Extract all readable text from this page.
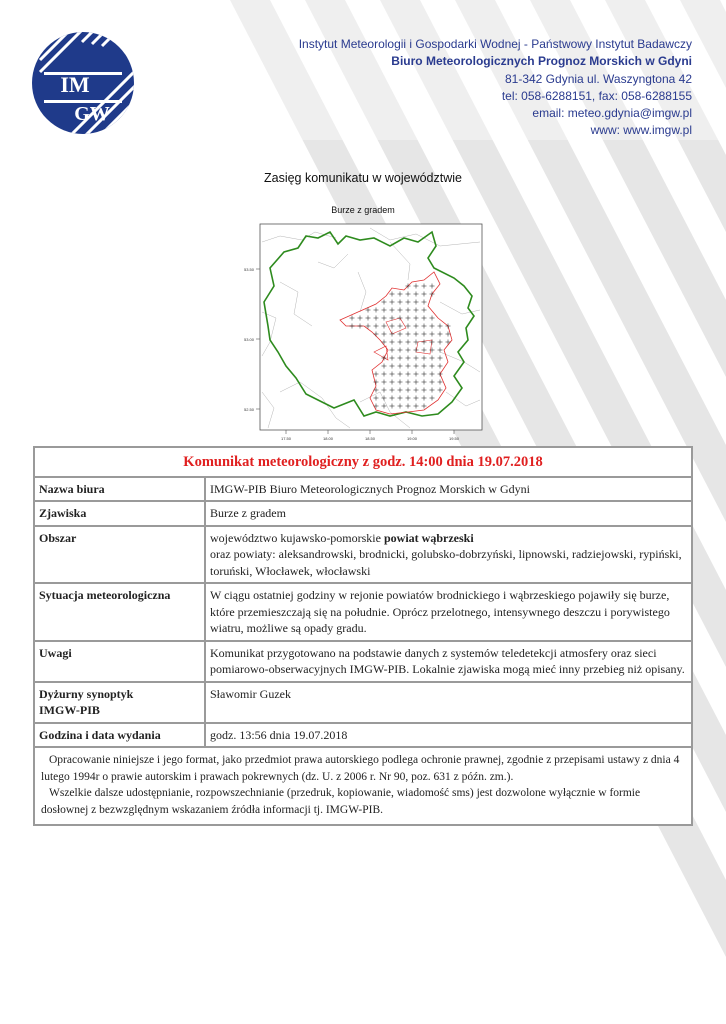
IM
GW
Instytut Meteorologii i Gospodarki Wodnej - Państwowy Instytut Badawczy
Biuro Meteorologicznych Prognoz Morskich w Gdyni
81-342 Gdynia ul. Waszyngtona 42
tel: 058-6288151, fax: 058-6288155
email: meteo.gdynia@imgw.pl
www: www.imgw.pl
Zasięg komunikatu w województwie
Burze z gradem
53.50
53.00
52.50
17.50	18.00	18.50	19.00	19.50
Komunikat meteorologiczny z godz. 14:00 dnia 19.07.2018	
Nazwa biura	IMGW-PIB Biuro Meteorologicznych Prognoz Morskich w Gdyni
Zjawiska	Burze z gradem
Obszar	województwo kujawsko-pomorskie powiat wąbrzeski
oraz powiaty: aleksandrowski, brodnicki, golubsko-dobrzyński, lipnowski, radziejowski, rypiński, toruński, Włocławek, włocławski
Sytuacja meteorologiczna	W ciągu ostatniej godziny w rejonie powiatów brodnickiego i wąbrzeskiego pojawiły się burze, które przemieszczają się na południe. Oprócz przelotnego, intensywnego deszczu i porywistego wiatru, możliwe są opady gradu.
Uwagi	Komunikat przygotowano na podstawie danych z systemów teledetekcji atmosfery oraz sieci pomiarowo-obserwacyjnych IMGW-PIB. Lokalnie zjawiska mogą mieć inny przebieg niż opisany.
Dyżurny synoptyk
IMGW-PIB	Sławomir Guzek
Godzina i data wydania	godz. 13:56 dnia 19.07.2018

Opracowanie niniejsze i jego format, jako przedmiot prawa autorskiego podlega ochronie prawnej, zgodnie z przepisami ustawy z dnia 4 lutego 1994r o prawie autorskim i prawach pokrewnych (dz. U. z 2006 r. Nr 90, poz. 631 z późn. zm.).

Wszelkie dalsze udostępnianie, rozpowszechnianie (przedruk, kopiowanie, wiadomość sms) jest dozwolone wyłącznie w formie dosłownej z bezwzględnym wskazaniem źródła informacji tj. IMGW-PIB.	
